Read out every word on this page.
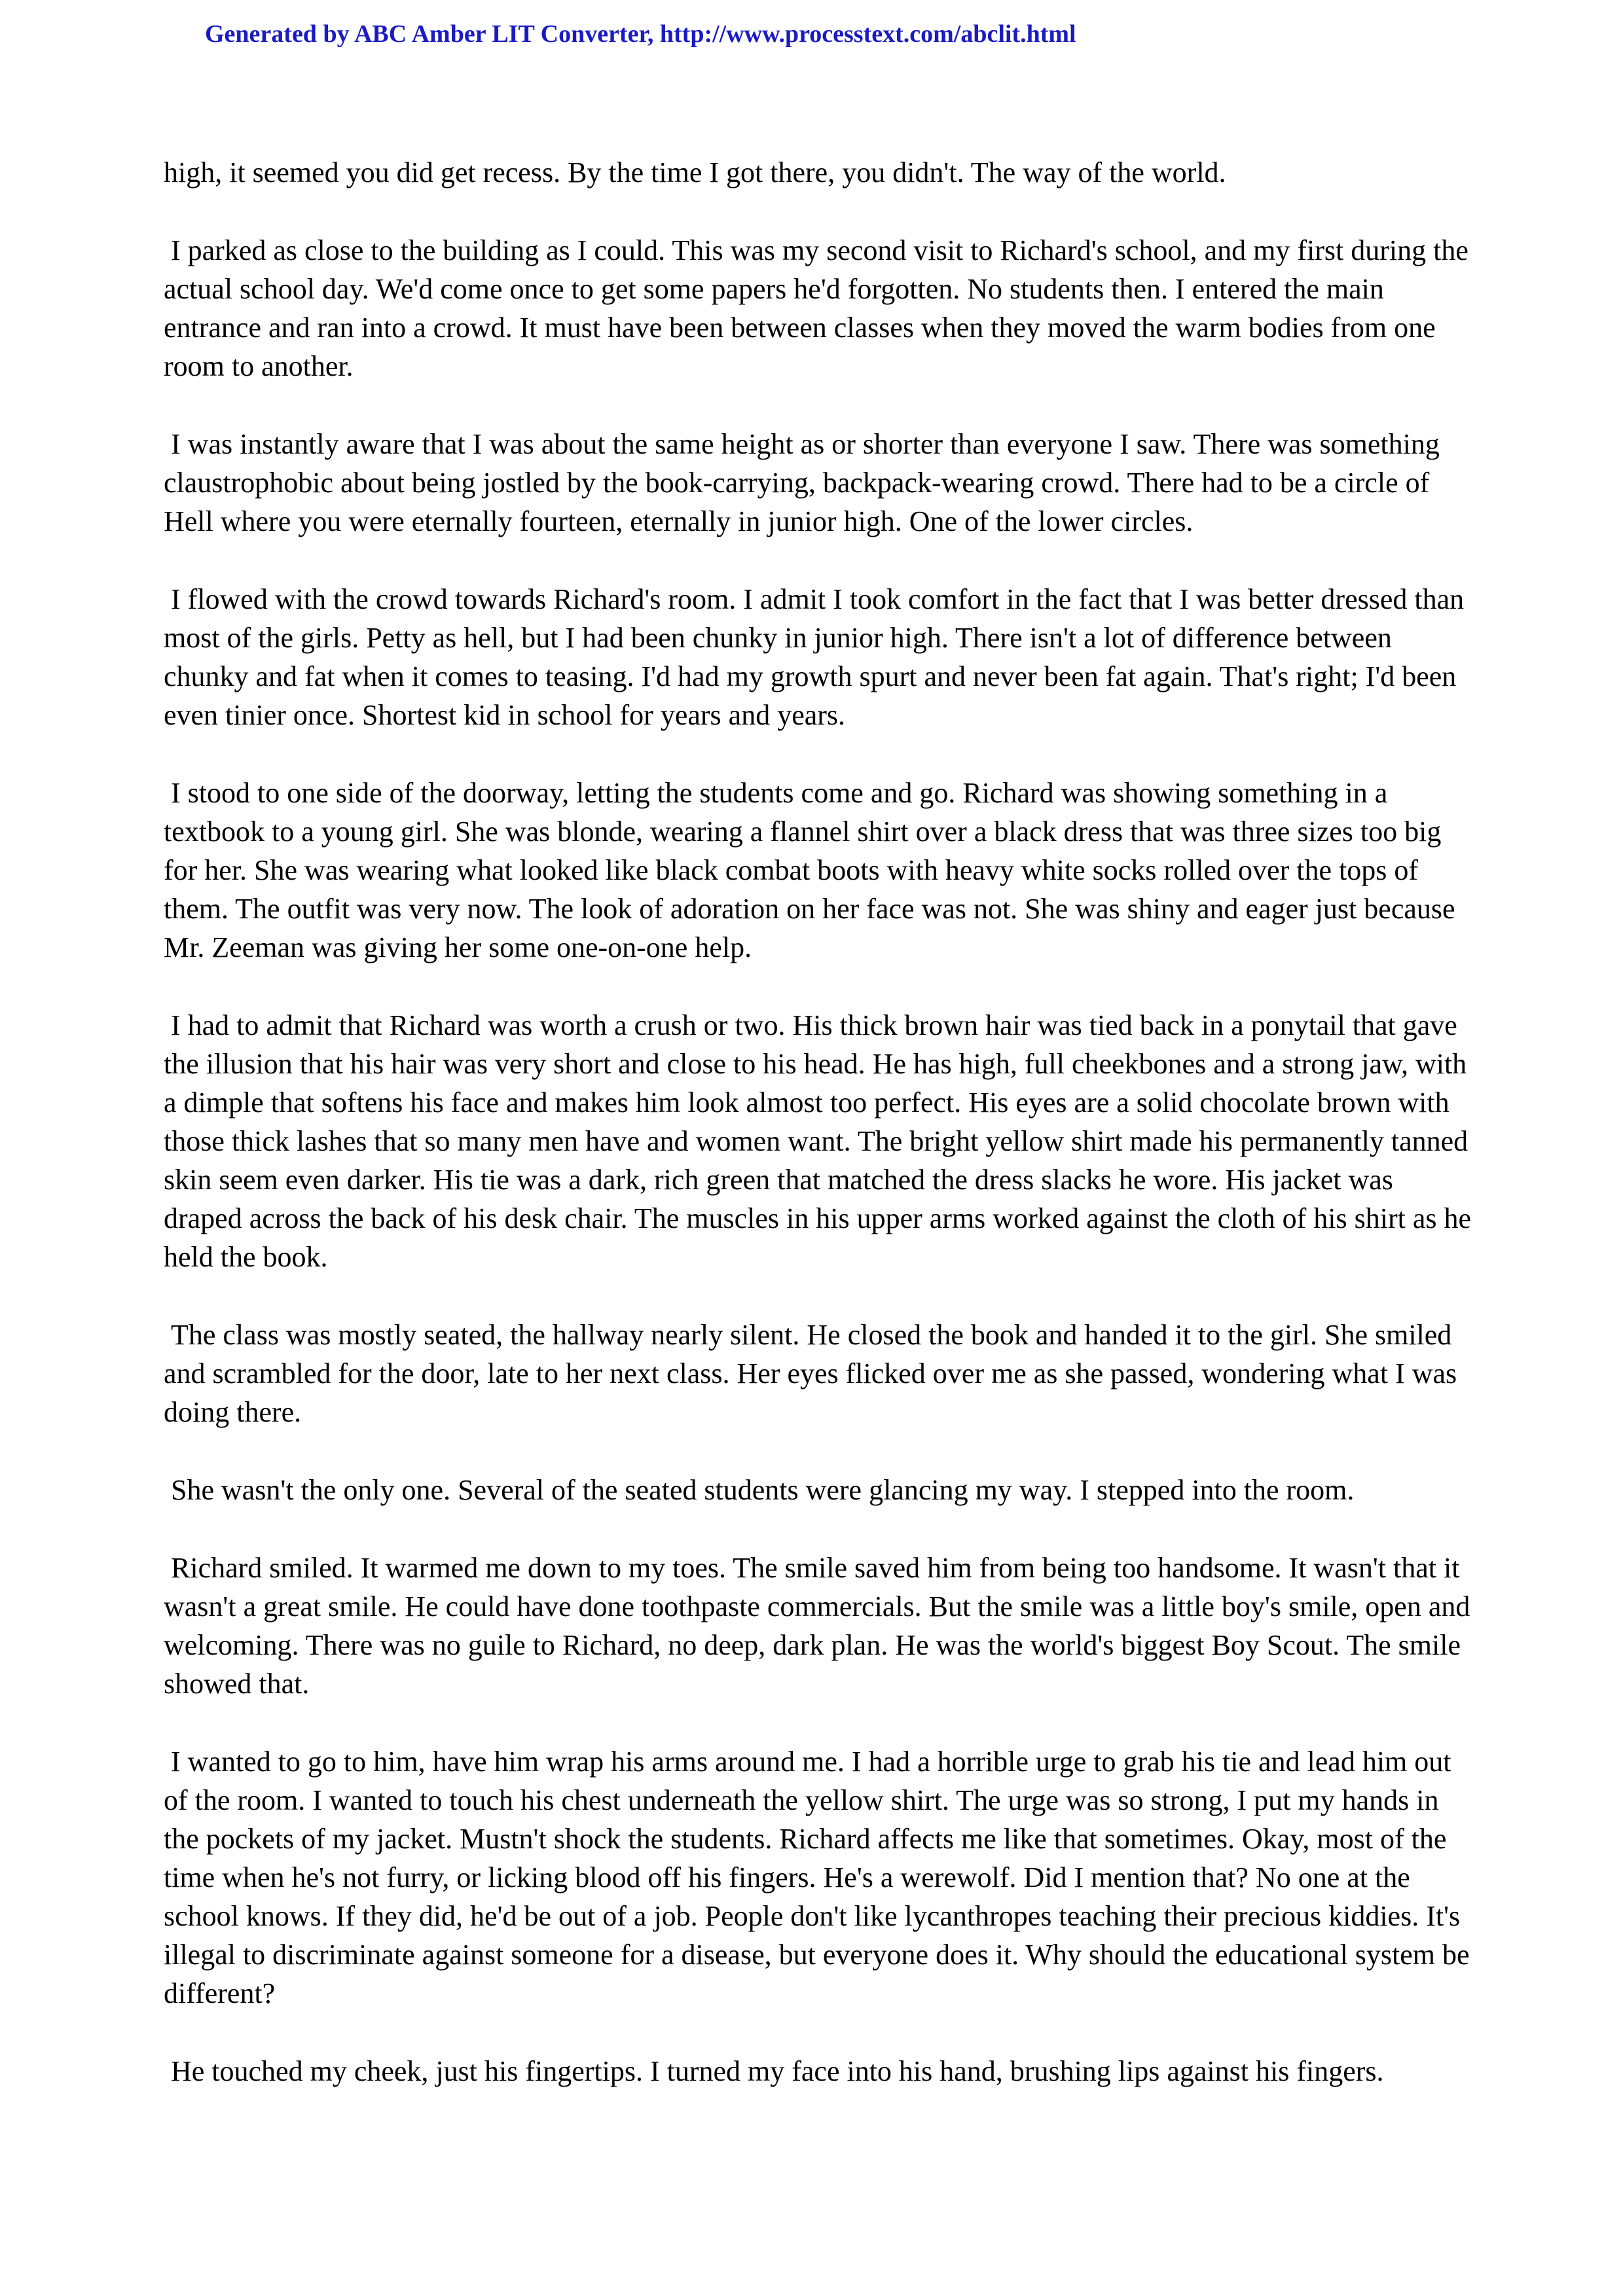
Generated by ABC Amber LIT Converter, http://www.processtext.com/abclit.html

high, it seemed you did get recess. By the time I got there, you didn't. The way of the world.

I parked as close to the building as I could. This was my second visit to Richard's school, and my first during the actual school day. We'd come once to get some papers he'd forgotten. No students then. I entered the main entrance and ran into a crowd. It must have been between classes when they moved the warm bodies from one room to another.

I was instantly aware that I was about the same height as or shorter than everyone I saw. There was something claustrophobic about being jostled by the book-carrying, backpack-wearing crowd. There had to be a circle of Hell where you were eternally fourteen, eternally in junior high. One of the lower circles.

I flowed with the crowd towards Richard's room. I admit I took comfort in the fact that I was better dressed than most of the girls. Petty as hell, but I had been chunky in junior high. There isn't a lot of difference between chunky and fat when it comes to teasing. I'd had my growth spurt and never been fat again. That's right; I'd been even tinier once. Shortest kid in school for years and years.

I stood to one side of the doorway, letting the students come and go. Richard was showing something in a textbook to a young girl. She was blonde, wearing a flannel shirt over a black dress that was three sizes too big for her. She was wearing what looked like black combat boots with heavy white socks rolled over the tops of them. The outfit was very now. The look of adoration on her face was not. She was shiny and eager just because Mr. Zeeman was giving her some one-on-one help.

I had to admit that Richard was worth a crush or two. His thick brown hair was tied back in a ponytail that gave the illusion that his hair was very short and close to his head. He has high, full cheekbones and a strong jaw, with a dimple that softens his face and makes him look almost too perfect. His eyes are a solid chocolate brown with those thick lashes that so many men have and women want. The bright yellow shirt made his permanently tanned skin seem even darker. His tie was a dark, rich green that matched the dress slacks he wore. His jacket was draped across the back of his desk chair. The muscles in his upper arms worked against the cloth of his shirt as he held the book.

The class was mostly seated, the hallway nearly silent. He closed the book and handed it to the girl. She smiled and scrambled for the door, late to her next class. Her eyes flicked over me as she passed, wondering what I was doing there.

She wasn't the only one. Several of the seated students were glancing my way. I stepped into the room.

Richard smiled. It warmed me down to my toes. The smile saved him from being too handsome. It wasn't that it wasn't a great smile. He could have done toothpaste commercials. But the smile was a little boy's smile, open and welcoming. There was no guile to Richard, no deep, dark plan. He was the world's biggest Boy Scout. The smile showed that.

I wanted to go to him, have him wrap his arms around me. I had a horrible urge to grab his tie and lead him out of the room. I wanted to touch his chest underneath the yellow shirt. The urge was so strong, I put my hands in the pockets of my jacket. Mustn't shock the students. Richard affects me like that sometimes. Okay, most of the time when he's not furry, or licking blood off his fingers. He's a werewolf. Did I mention that? No one at the school knows. If they did, he'd be out of a job. People don't like lycanthropes teaching their precious kiddies. It's illegal to discriminate against someone for a disease, but everyone does it. Why should the educational system be different?

He touched my cheek, just his fingertips. I turned my face into his hand, brushing lips against his fingers.
